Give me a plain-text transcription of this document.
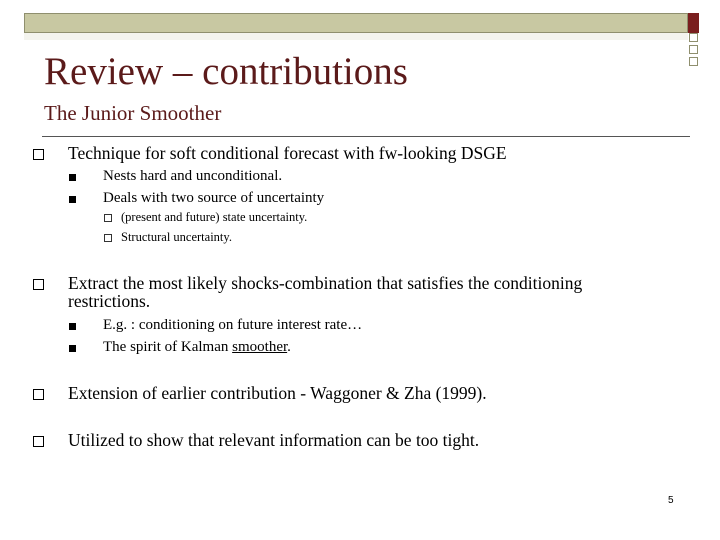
Review – contributions
The Junior Smoother
Technique for soft conditional forecast with fw-looking DSGE
Nests hard and unconditional.
Deals with two source of uncertainty
(present and future) state uncertainty.
Structural uncertainty.
Extract the most likely shocks-combination that satisfies the conditioning
restrictions.
E.g. : conditioning on future interest rate…
The spirit of Kalman smoother.
Extension of earlier contribution - Waggoner & Zha (1999).
Utilized to show that relevant information can be too tight.
5
